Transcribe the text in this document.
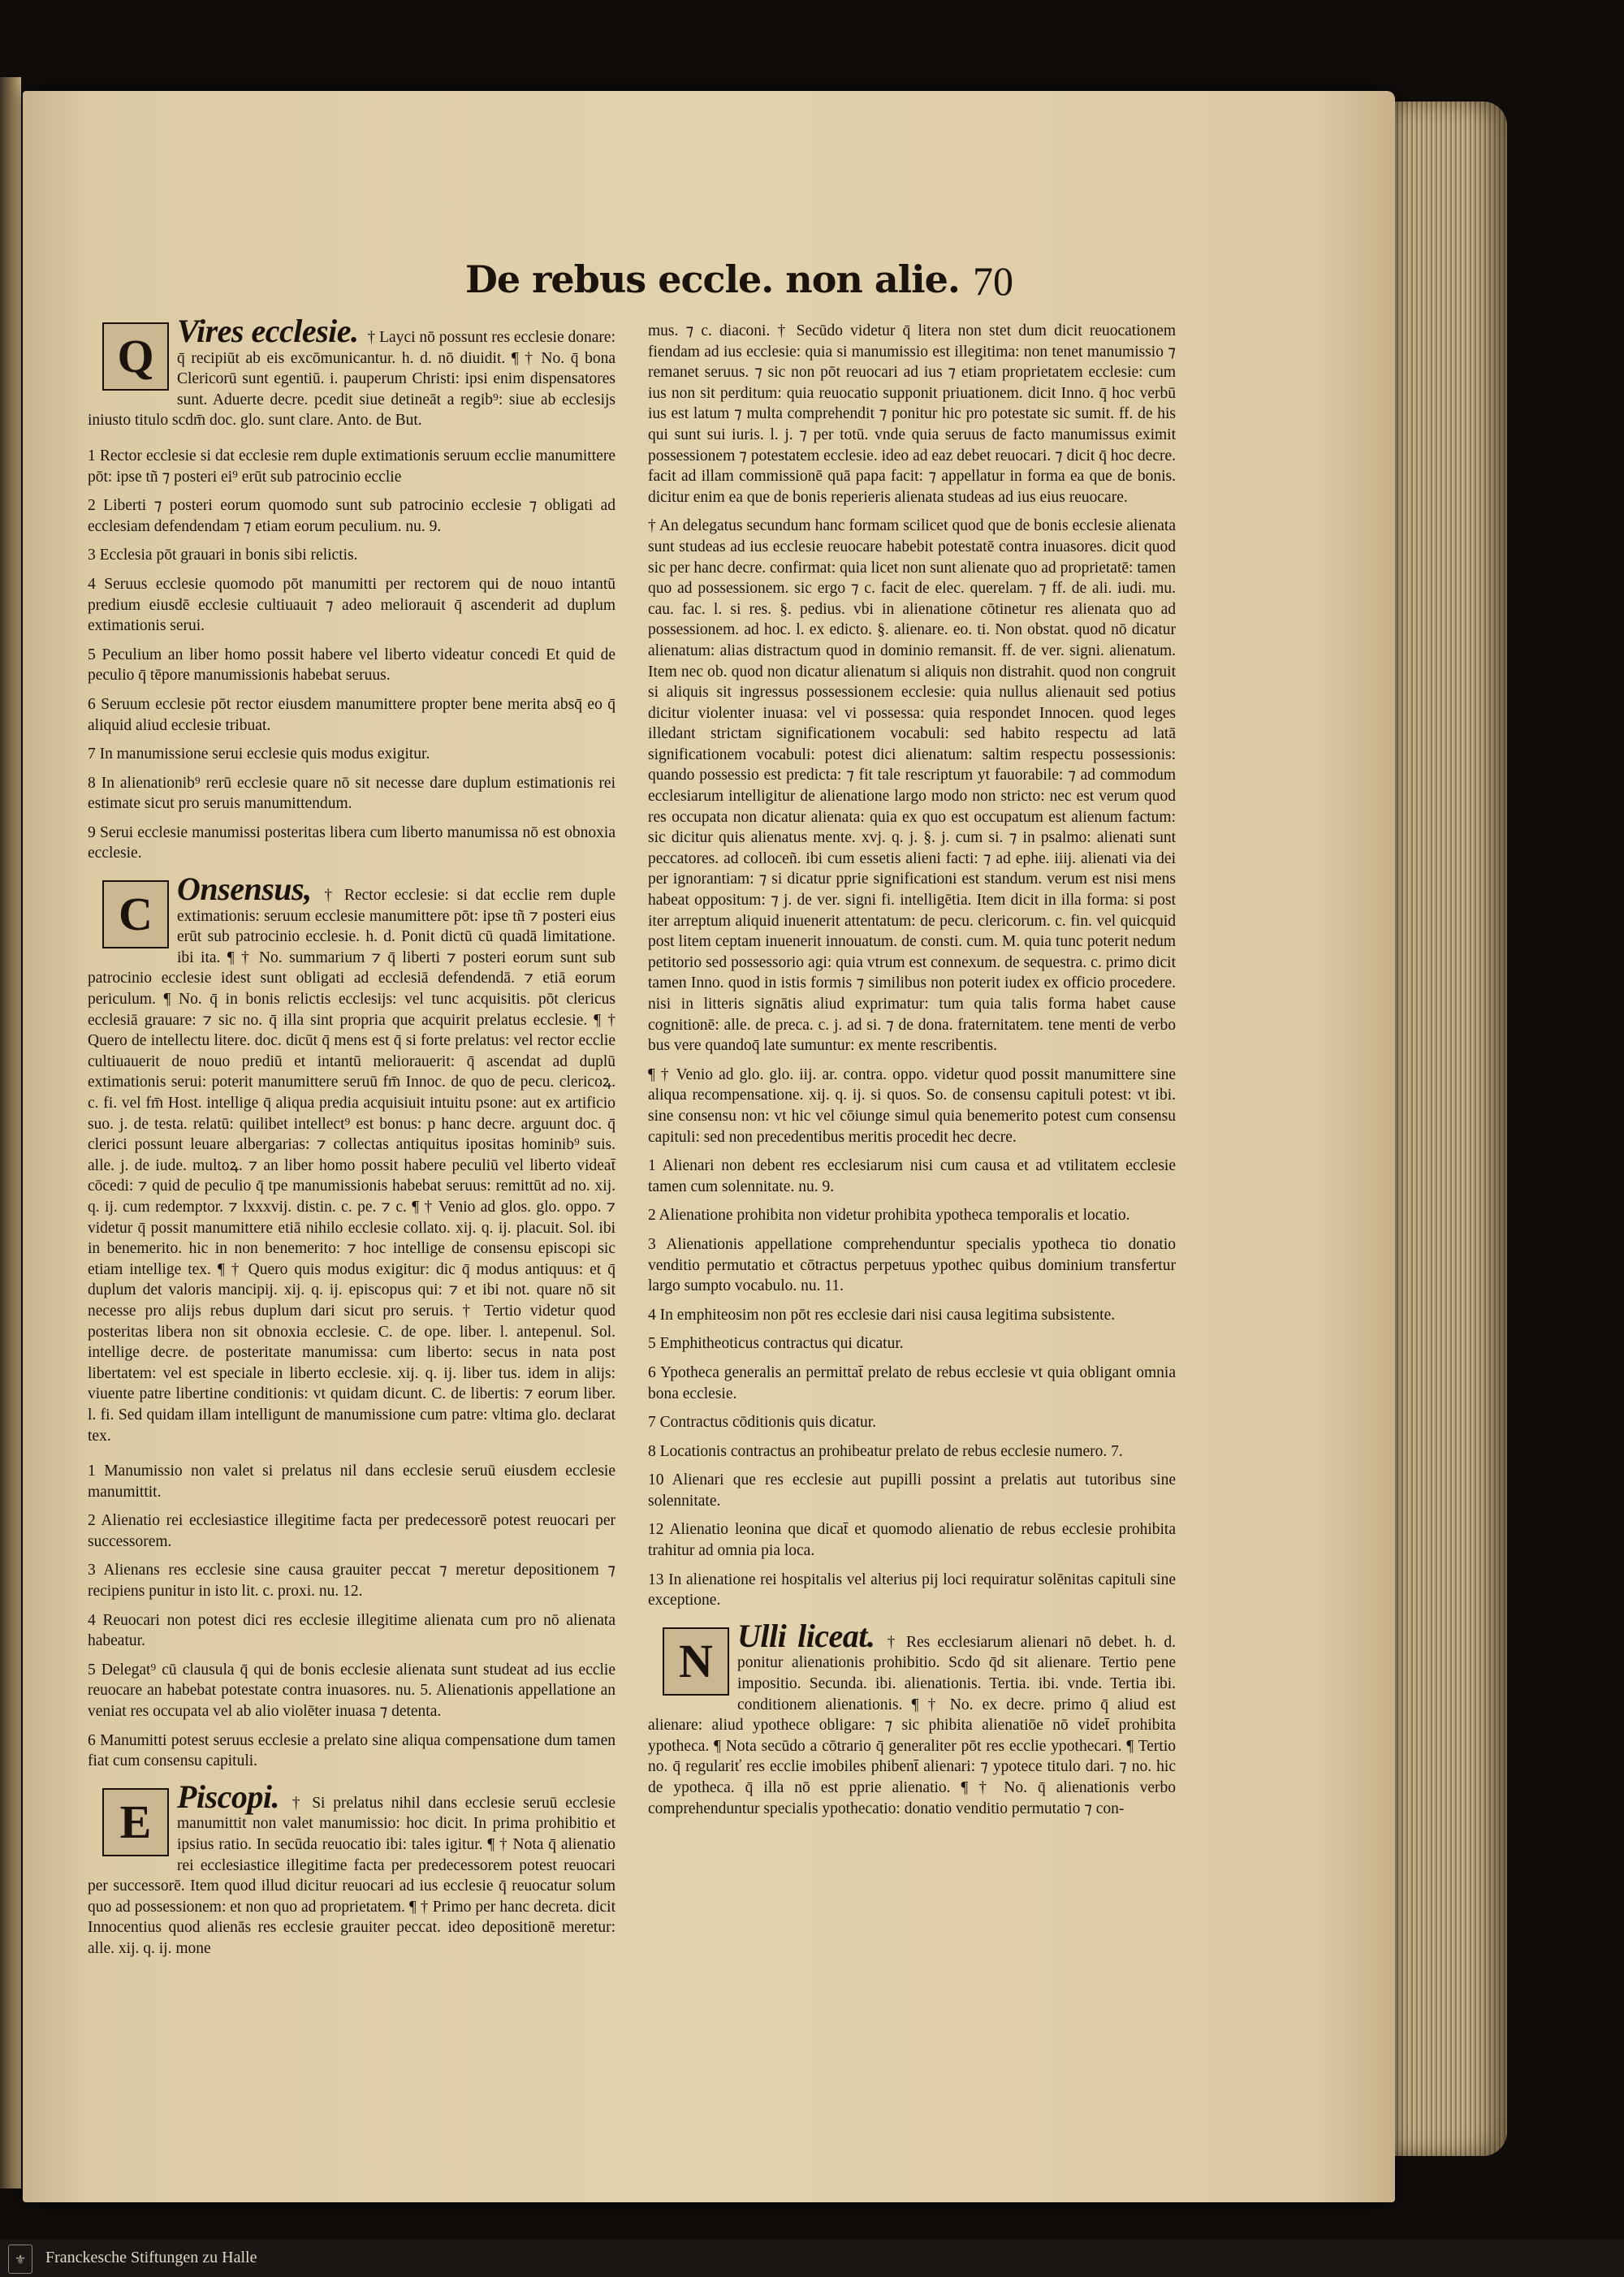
De rebus eccle. non alie. 70
Q Vires ecclesie. † Layci nō possunt res ecclesie donare: q̄ recipiūt ab eis excōmunicantur. h. d. nō diuidit. ¶ † No. q̄ bona Clericorū sunt egentiū. i. pauperum Christi: ipsi enim dispensatores sunt. Aduerte decre. pcedit siue detineāt a regib⁹: siue ab ecclesijs iniusto titulo scdm̄ doc. glo. sunt clare. Anto. de But.

1 Rector ecclesie si dat ecclesie rem duple extimationis seruum ecclie manumittere pōt: ipse tñ ⁊ posteri ei⁹ erūt sub patrocinio ecclie

2 Liberti ⁊ posteri eorum quomodo sunt sub patrocinio ecclesie ⁊ obligati ad ecclesiam defendendam ⁊ etiam eorum peculium. nu. 9.

3 Ecclesia pōt grauari in bonis sibi relictis.

4 Seruus ecclesie quomodo pōt manumitti per rectorem qui de nouo intantū predium eiusdē ecclesie cultiuauit ⁊ adeo meliorauit q̄ ascenderit ad duplum extimationis serui.

5 Peculium an liber homo possit habere vel liberto videatur concedi Et quid de peculio q̄ tēpore manumissionis habebat seruus.

6 Seruum ecclesie pōt rector eiusdem manumittere propter bene merita absq̄ eo q̄ aliquid aliud ecclesie tribuat.

7 In manumissione serui ecclesie quis modus exigitur.

8 In alienationib⁹ rerū ecclesie quare nō sit necesse dare duplum estimationis rei estimate sicut pro seruis manumittendum.

9 Serui ecclesie manumissi posteritas libera cum liberto manumissa nō est obnoxia ecclesie.

C Onsensus, † Rector ecclesie: si dat ecclie rem duple extimationis: seruum ecclesie manumittere pōt: ipse tñ ⁊ posteri eius erūt sub patrocinio ecclesie. h. d. Ponit dictū cū quadā limitatione. ibi ita. ¶ † No. summarium ⁊ q̄ liberti ⁊ posteri eorum sunt sub patrocinio ecclesie idest sunt obligati ad ecclesiā defendendā. ⁊ etiā eorum periculum. ¶ No. q̄ in bonis relictis ecclesijs: vel tunc acquisitis. pōt clericus ecclesiā grauare: ⁊ sic no. q̄ illa sint propria que acquirit prelatus ecclesie. ¶ † Quero de intellectu litere. doc. dicūt q̄ mens est q̄ si forte prelatus: vel rector ecclie cultiuauerit de nouo prediū et intantū meliorauerit: q̄ ascendat ad duplū extimationis serui: poterit manumittere seruū fm̄ Innoc. de quo de pecu. clericoꝝ. c. fi. vel fm̄ Host. intellige q̄ aliqua predia acquisiuit intuitu psone: aut ex artificio suo. j. de testa. relatū: quilibet intellect⁹ est bonus: p hanc decre. arguunt doc. q̄ clerici possunt leuare albergarias: ⁊ collectas antiquitus ipositas hominib⁹ suis. alle. j. de iude. multoꝝ. ⁊ an liber homo possit habere peculiū vel liberto videat̄ cōcedi: ⁊ quid de peculio q̄ tpe manumissionis habebat seruus: remittūt ad no. xij. q. ij. cum redemptor. ⁊ lxxxvij. distin. c. pe. ⁊ c. ¶ † Venio ad glos. glo. oppo. ⁊ videtur q̄ possit manumittere etiā nihilo ecclesie collato. xij. q. ij. placuit. Sol. ibi in benemerito. hic in non benemerito: ⁊ hoc intellige de consensu episcopi sic etiam intellige tex. ¶ † Quero quis modus exigitur: dic q̄ modus antiquus: et q̄ duplum det valoris mancipij. xij. q. ij. episcopus qui: ⁊ et ibi not. quare nō sit necesse pro alijs rebus duplum dari sicut pro seruis. † Tertio videtur quod posteritas libera non sit obnoxia ecclesie. C. de ope. liber. l. antepenul. Sol. intellige decre. de posteritate manumissa: cum liberto: secus in nata post libertatem: vel est speciale in liberto ecclesie. xij. q. ij. liber tus. idem in alijs: viuente patre libertine conditionis: vt quidam dicunt. C. de libertis: ⁊ eorum liber. l. fi. Sed quidam illam intelligunt de manumissione cum patre: vltima glo. declarat tex.

1 Manumissio non valet si prelatus nil dans ecclesie seruū eiusdem ecclesie manumittit.

2 Alienatio rei ecclesiastice illegitime facta per predecessorē potest reuocari per successorem.

3 Alienans res ecclesie sine causa grauiter peccat ⁊ meretur depositionem ⁊ recipiens punitur in isto lit. c. proxi. nu. 12.

4 Reuocari non potest dici res ecclesie illegitime alienata cum pro nō alienata habeatur.

5 Delegat⁹ cū clausula q̄ qui de bonis ecclesie alienata sunt studeat ad ius ecclie reuocare an habebat potestate contra inuasores. nu. 5. Alienationis appellatione an veniat res occupata vel ab alio violēter inuasa ⁊ detenta.

6 Manumitti potest seruus ecclesie a prelato sine aliqua compensatione dum tamen fiat cum consensu capituli.

E Piscopi. † Si prelatus nihil dans ecclesie seruū ecclesie manumittit non valet manumissio: hoc dicit. In prima prohibitio et ipsius ratio. In secūda reuocatio ibi: tales igitur. ¶ † Nota q̄ alienatio rei ecclesiastice illegitime facta per predecessorem potest reuocari per successorē. Item quod illud dicitur reuocari ad ius ecclesie q̄ reuocatur solum quo ad possessionem: et non quo ad proprietatem. ¶ † Primo per hanc decreta. dicit Innocentius quod alienās res ecclesie grauiter peccat. ideo depositionē meretur: alle. xij. q. ij. mone

mus. ⁊ c. diaconi. † Secūdo videtur q̄ litera non stet dum dicit reuocationem fiendam ad ius ecclesie: quia si manumissio est illegitima: non tenet manumissio ⁊ remanet seruus. ⁊ sic non pōt reuocari ad ius ⁊ etiam proprietatem ecclesie: cum ius non sit perditum: quia reuocatio supponit priuationem. dicit Inno. q̄ hoc verbū ius est latum ⁊ multa comprehendit ⁊ ponitur hic pro potestate sic sumit. ff. de his qui sunt sui iuris. l. j. ⁊ per totū. vnde quia seruus de facto manumissus eximit possessionem ⁊ potestatem ecclesie. ideo ad eaz debet reuocari. ⁊ dicit q̄ hoc decre. facit ad illam commissionē quā papa facit: ⁊ appellatur in forma ea que de bonis. dicitur enim ea que de bonis reperieris alienata studeas ad ius eius reuocare.

† An delegatus secundum hanc formam scilicet quod que de bonis ecclesie alienata sunt studeas ad ius ecclesie reuocare habebit potestatē contra inuasores. dicit quod sic per hanc decre. confirmat: quia licet non sunt alienate quo ad proprietatē: tamen quo ad possessionem. sic ergo ⁊ c. facit de elec. querelam. ⁊ ff. de ali. iudi. mu. cau. fac. l. si res. §. pedius. vbi in alienatione cōtinetur res alienata quo ad possessionem. ad hoc. l. ex edicto. §. alienare. eo. ti. Non obstat. quod nō dicatur alienatum: alias distractum quod in dominio remansit. ff. de ver. signi. alienatum. Item nec ob. quod non dicatur alienatum si aliquis non distrahit. quod non congruit si aliquis sit ingressus possessionem ecclesie: quia nullus alienauit sed potius dicitur violenter inuasa: vel vi possessa: quia respondet Innocen. quod leges illedant strictam significationem vocabuli: sed habito respectu ad latā significationem vocabuli: potest dici alienatum: saltim respectu possessionis: quando possessio est predicta: ⁊ fit tale rescriptum yt fauorabile: ⁊ ad commodum ecclesiarum intelligitur de alienatione largo modo non stricto: nec est verum quod res occupata non dicatur alienata: quia ex quo est occupatum est alienum factum: sic dicitur quis alienatus mente. xvj. q. j. §. j. cum si. ⁊ in psalmo: alienati sunt peccatores. ad colloceñ. ibi cum essetis alieni facti: ⁊ ad ephe. iiij. alienati via dei per ignorantiam: ⁊ si dicatur pprie significationi est standum. verum est nisi mens habeat oppositum: ⁊ j. de ver. signi fi. intelligētia. Item dicit in illa forma: si post iter arreptum aliquid inuenerit attentatum: de pecu. clericorum. c. fin. vel quicquid post litem ceptam inuenerit innouatum. de consti. cum. M. quia tunc poterit nedum petitorio sed possessorio agi: quia vtrum est connexum. de sequestra. c. primo dicit tamen Inno. quod in istis formis ⁊ similibus non poterit iudex ex officio procedere. nisi in litteris signātis aliud exprimatur: tum quia talis forma habet cause cognitionē: alle. de preca. c. j. ad si. ⁊ de dona. fraternitatem. tene menti de verbo bus vere quandoq̄ late sumuntur: ex mente rescribentis.

¶ † Venio ad glo. glo. iij. ar. contra. oppo. videtur quod possit manumittere sine aliqua recompensatione. xij. q. ij. si quos. So. de consensu capituli potest: vt ibi. sine consensu non: vt hic vel cōiunge simul quia benemerito potest cum consensu capituli: sed non precedentibus meritis procedit hec decre.

1 Alienari non debent res ecclesiarum nisi cum causa et ad vtilitatem ecclesie tamen cum solennitate. nu. 9.

2 Alienatione prohibita non videtur prohibita ypotheca temporalis et locatio.

3 Alienationis appellatione comprehenduntur specialis ypotheca tio donatio venditio permutatio et cōtractus perpetuus ypothec quibus dominium transfertur largo sumpto vocabulo. nu. 11.

4 In emphiteosim non pōt res ecclesie dari nisi causa legitima subsistente.

5 Emphitheoticus contractus qui dicatur.

6 Ypotheca generalis an permittat̄ prelato de rebus ecclesie vt quia obligant omnia bona ecclesie.

7 Contractus cōditionis quis dicatur.

8 Locationis contractus an prohibeatur prelato de rebus ecclesie numero. 7.

10 Alienari que res ecclesie aut pupilli possint a prelatis aut tutoribus sine solennitate.

12 Alienatio leonina que dicat̄ et quomodo alienatio de rebus ecclesie prohibita trahitur ad omnia pia loca.

13 In alienatione rei hospitalis vel alterius pij loci requiratur solēnitas capituli sine exceptione.

N Ulli liceat. † Res ecclesiarum alienari nō debet. h. d. ponitur alienationis prohibitio. Scdo q̄d sit alienare. Tertio pene impositio. Secunda. ibi. alienationis. Tertia. ibi. vnde. Tertia ibi. conditionem alienationis. ¶ † No. ex decre. primo q̄ aliud est alienare: aliud ypothece obligare: ⁊ sic phibita alienatiōe nō videt̄ prohibita ypotheca. ¶ Nota secūdo a cōtrario q̄ generaliter pōt res ecclie ypothecari. ¶ Tertio no. q̄ regulariť res ecclie imobiles phibent̄ alienari: ⁊ ypotece titulo dari. ⁊ no. hic de ypotheca. q̄ illa nō est pprie alienatio. ¶ † No. q̄ alienationis verbo comprehenduntur specialis ypothecatio: donatio venditio permutatio ⁊ con-
⚜	Franckesche Stiftungen zu Halle
